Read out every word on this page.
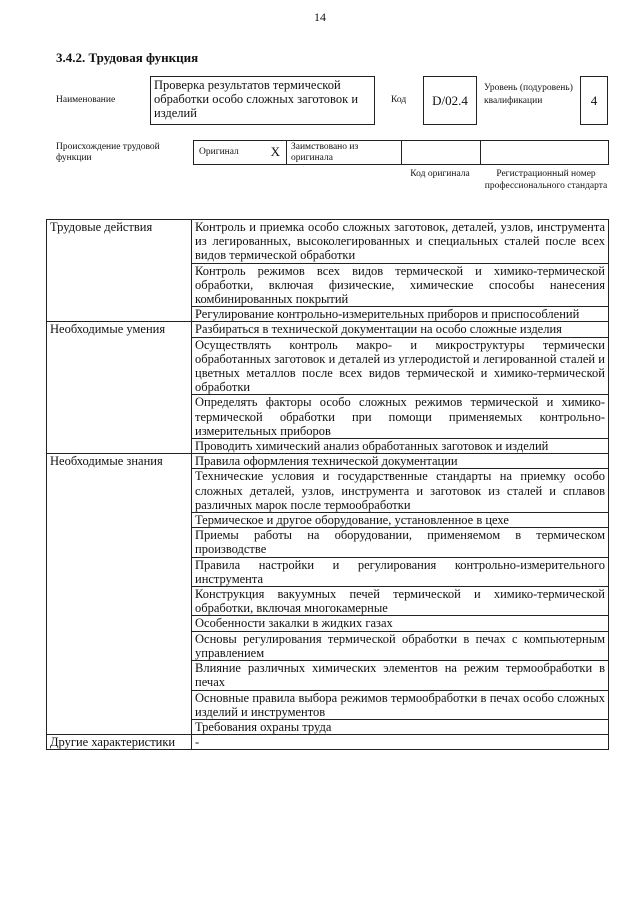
14
3.4.2. Трудовая функция
Наименование
Проверка результатов термической обработки особо сложных заготовок и изделий
Код	D/02.4
Уровень (подуровень) квалификации	4
Происхождение трудовой функции
Оригинал X	Заимствовано из оригинала
Код оригинала	Регистрационный номер профессионального стандарта
Трудовые действия	Контроль и приемка особо сложных заготовок, деталей, узлов, инструмента из легированных, высоколегированных и специальных сталей после всех видов термической обработки
	Контроль режимов всех видов термической и химико-термической обработки, включая физические, химические способы нанесения комбинированных покрытий
	Регулирование контрольно-измерительных приборов и приспособлений
Необходимые умения	Разбираться в технической документации на особо сложные изделия
	Осуществлять контроль макро- и микроструктуры термически обработанных заготовок и деталей из углеродистой и легированной сталей и цветных металлов после всех видов термической и химико-термической обработки
	Определять факторы особо сложных режимов термической и химико-термической обработки при помощи применяемых контрольно-измерительных приборов
	Проводить химический анализ обработанных заготовок и изделий
Необходимые знания	Правила оформления технической документации
	Технические условия и государственные стандарты на приемку особо сложных деталей, узлов, инструмента и заготовок из сталей и сплавов различных марок после термообработки
	Термическое и другое оборудование, установленное в цехе
	Приемы работы на оборудовании, применяемом в термическом производстве
	Правила настройки и регулирования контрольно-измерительного инструмента
	Конструкция вакуумных печей термической и химико-термической обработки, включая многокамерные
	Особенности закалки в жидких газах
	Основы регулирования термической обработки в печах с компьютерным управлением
	Влияние различных химических элементов на режим термообработки в печах
	Основные правила выбора режимов термообработки в печах особо сложных изделий и инструментов
	Требования охраны труда
Другие характеристики	-
